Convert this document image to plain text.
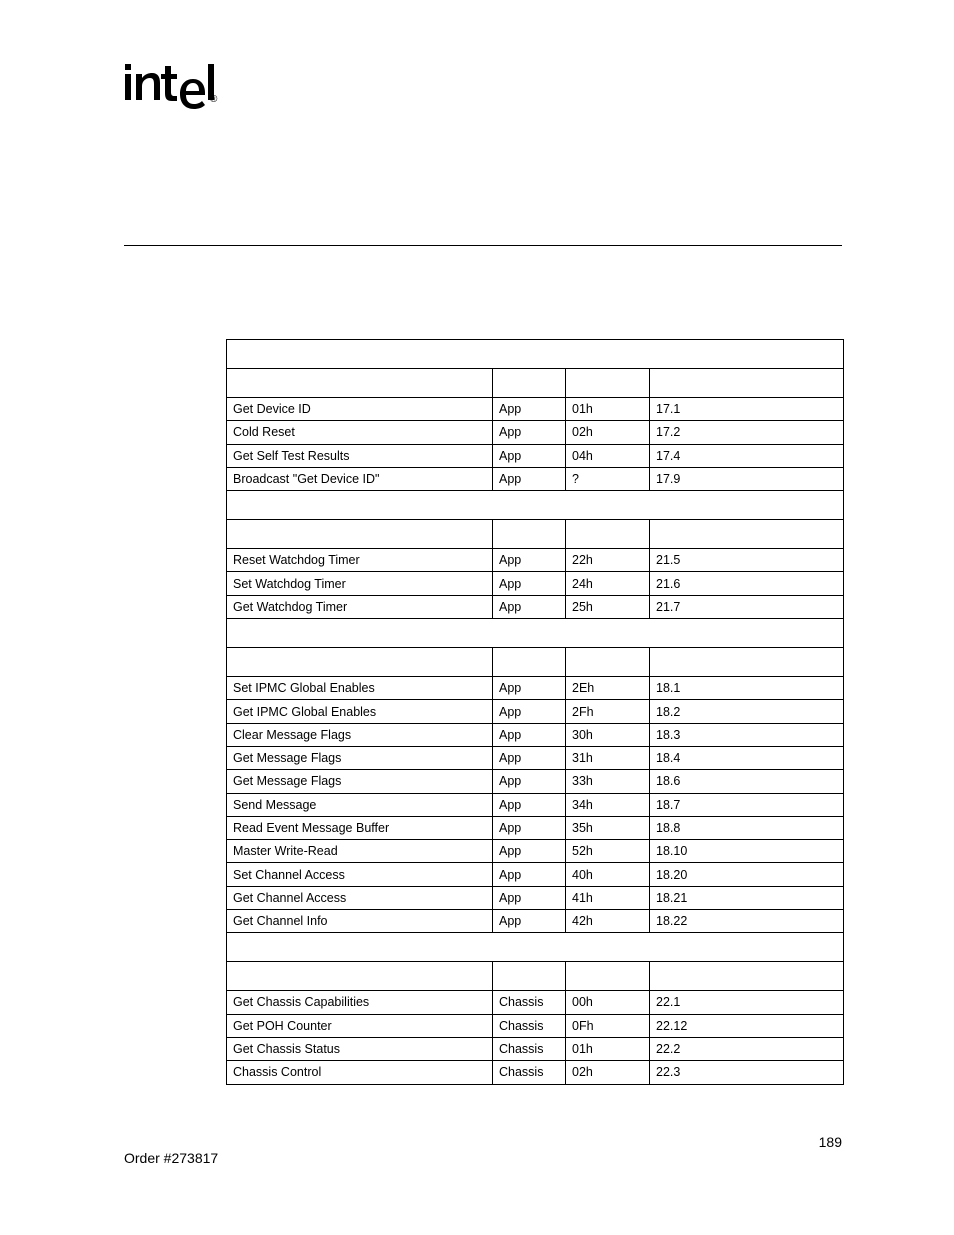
®

Get Device ID	App	01h	17.1
Cold Reset	App	02h	17.2
Get Self Test Results	App	04h	17.4
Broadcast "Get Device ID"	App	?	17.9

Reset Watchdog Timer	App	22h	21.5
Set Watchdog Timer	App	24h	21.6
Get Watchdog Timer	App	25h	21.7

Set IPMC Global Enables	App	2Eh	18.1
Get IPMC Global Enables	App	2Fh	18.2
Clear Message Flags	App	30h	18.3
Get Message Flags	App	31h	18.4
Get Message Flags	App	33h	18.6
Send Message	App	34h	18.7
Read Event Message Buffer	App	35h	18.8
Master Write-Read	App	52h	18.10
Set Channel Access	App	40h	18.20
Get Channel Access	App	41h	18.21
Get Channel Info	App	42h	18.22

Get Chassis Capabilities	Chassis	00h	22.1
Get POH Counter	Chassis	0Fh	22.12
Get Chassis Status	Chassis	01h	22.2
Chassis Control	Chassis	02h	22.3
189
Order #273817
